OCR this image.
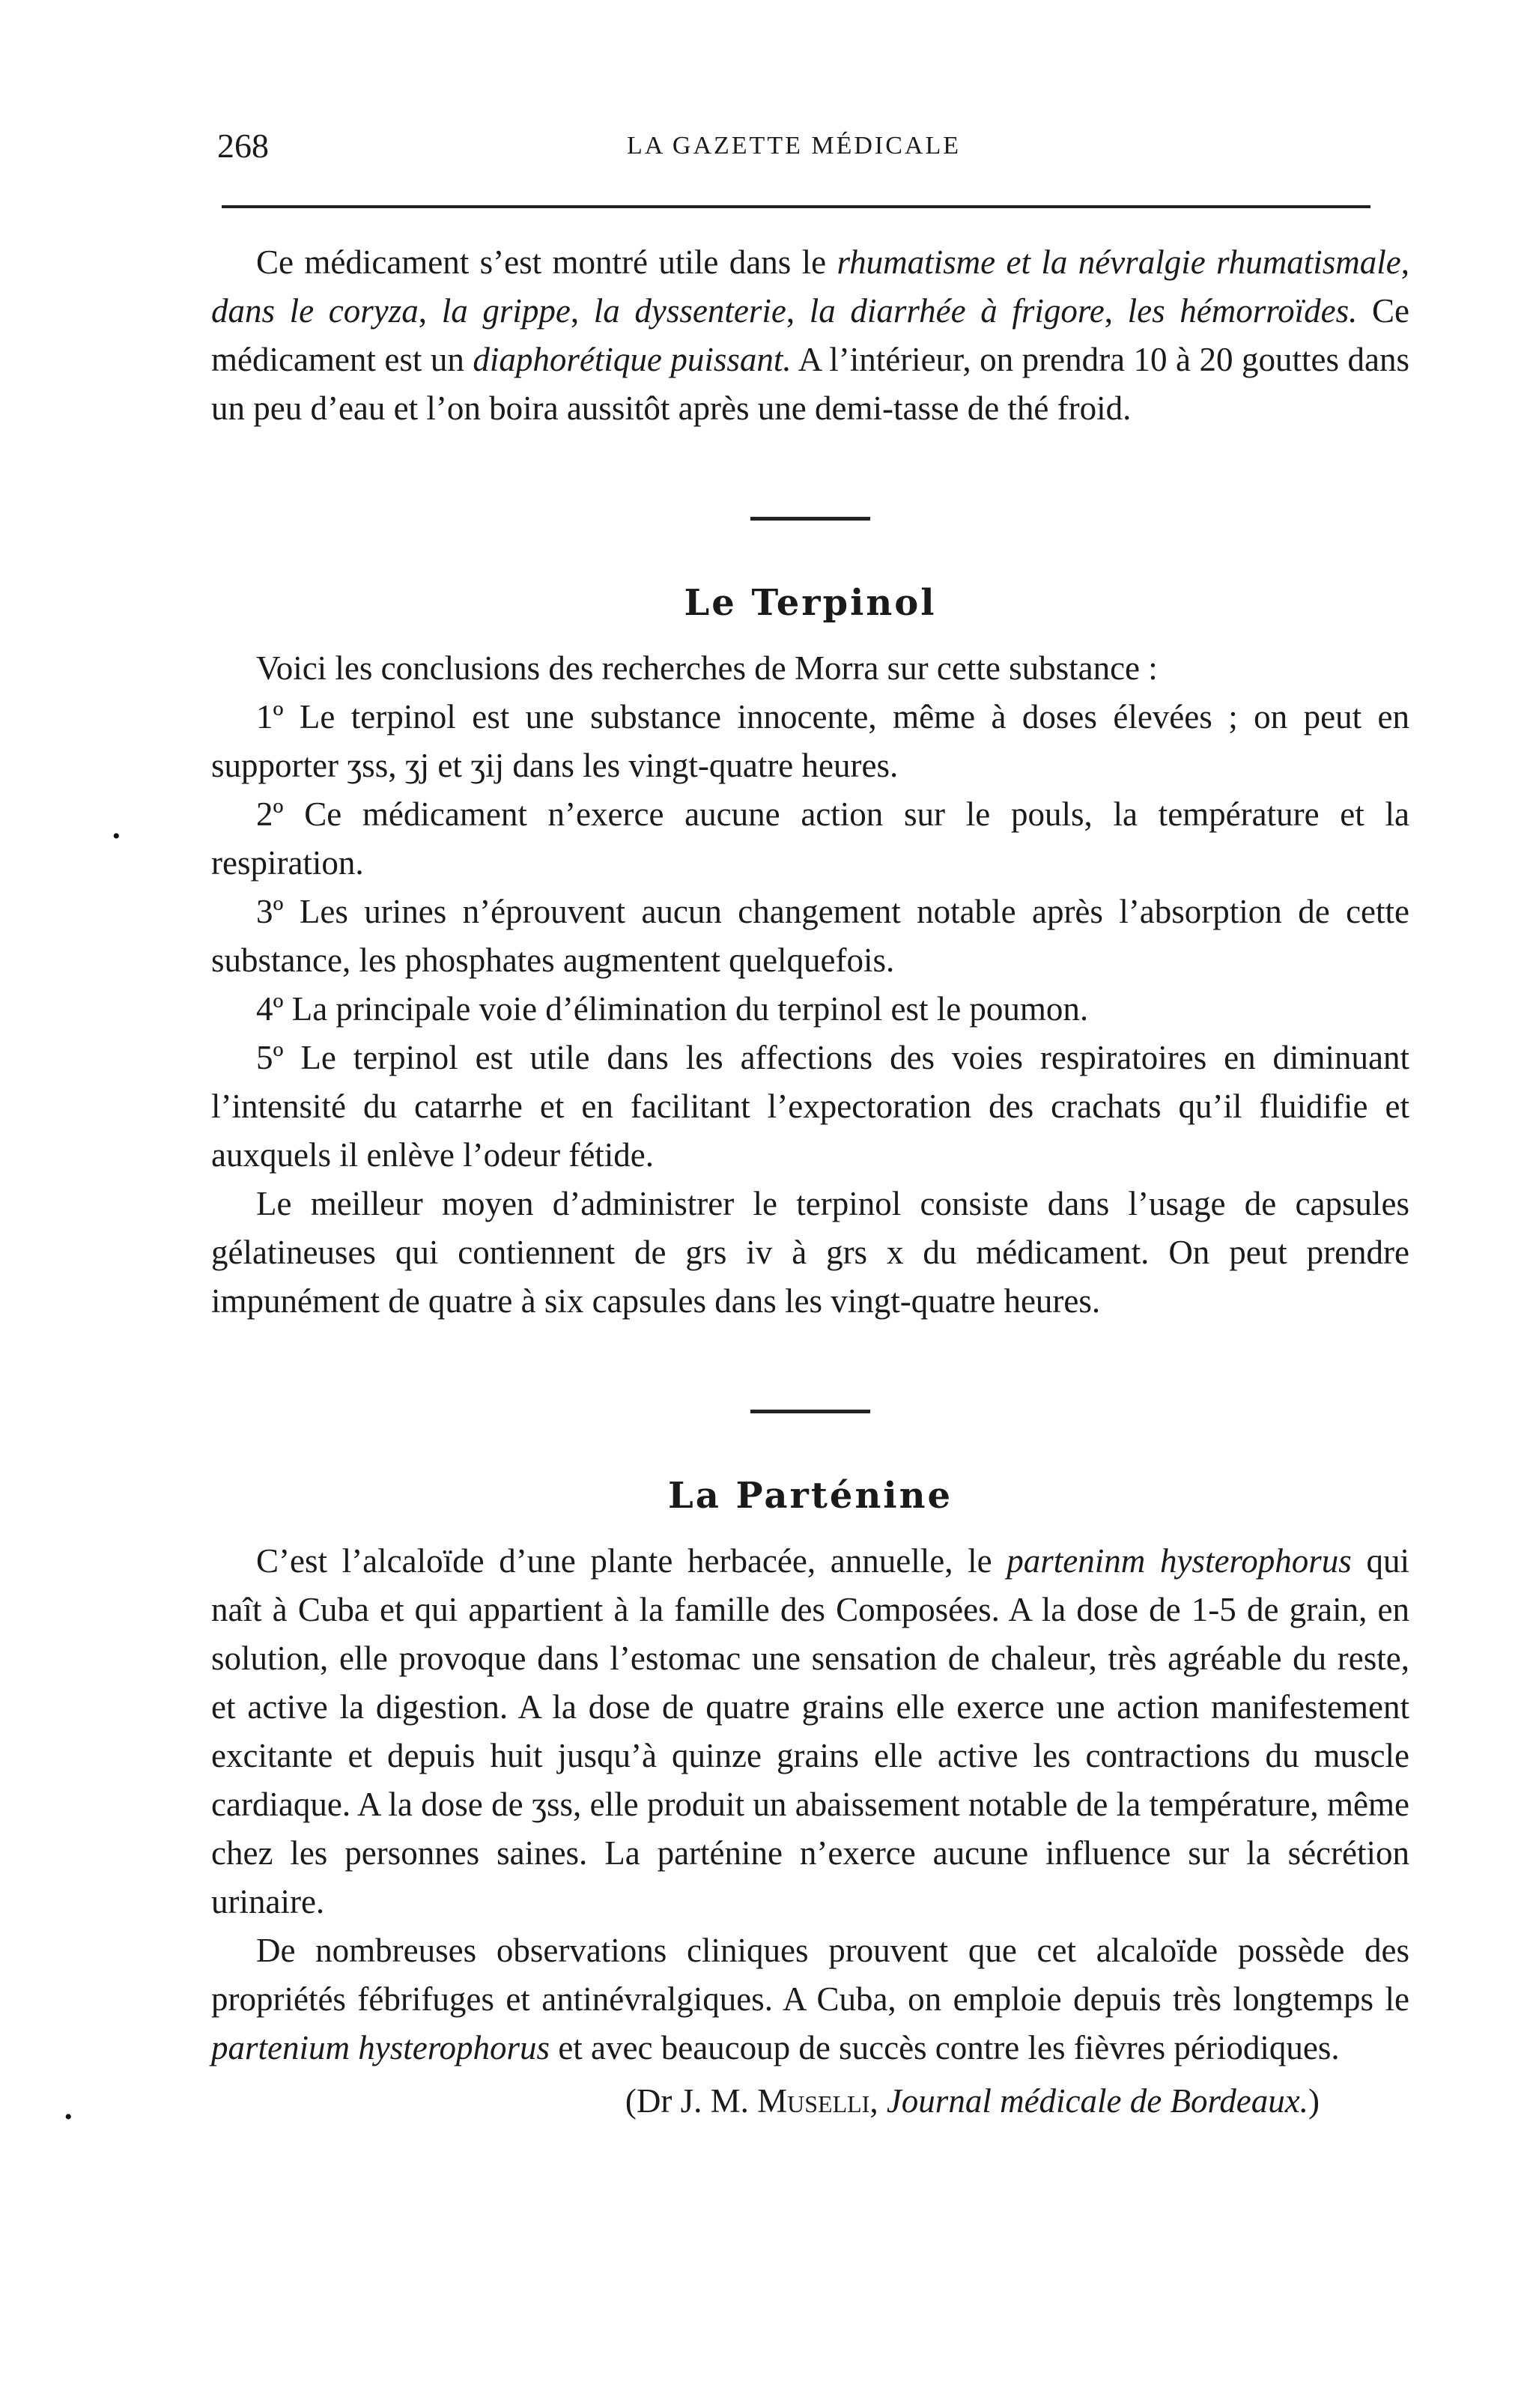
268	LA GAZETTE MÉDICALE

Ce médicament s’est montré utile dans le rhumatisme et la névralgie rhumatismale, dans le coryza, la grippe, la dyssenterie, la diarrhée à frigore, les hémorroïdes. Ce médicament est un diaphorétique puissant. A l’intérieur, on prendra 10 à 20 gouttes dans un peu d’eau et l’on boira aussitôt après une demi-tasse de thé froid.

Le Terpinol

Voici les conclusions des recherches de Morra sur cette substance :

1º Le terpinol est une substance innocente, même à doses élevées ; on peut en supporter ʒss, ʒj et ʒij dans les vingt-quatre heures.

2º Ce médicament n’exerce aucune action sur le pouls, la température et la respiration.

3º Les urines n’éprouvent aucun changement notable après l’absorption de cette substance, les phosphates augmentent quelquefois.

4º La principale voie d’élimination du terpinol est le poumon.

5º Le terpinol est utile dans les affections des voies respiratoires en diminuant l’intensité du catarrhe et en facilitant l’expectoration des crachats qu’il fluidifie et auxquels il enlève l’odeur fétide.

Le meilleur moyen d’administrer le terpinol consiste dans l’usage de capsules gélatineuses qui contiennent de grs iv à grs x du médicament. On peut prendre impunément de quatre à six capsules dans les vingt-quatre heures.

La Parténine

C’est l’alcaloïde d’une plante herbacée, annuelle, le parteninm hysterophorus qui naît à Cuba et qui appartient à la famille des Composées. A la dose de 1-5 de grain, en solution, elle provoque dans l’estomac une sensation de chaleur, très agréable du reste, et active la digestion. A la dose de quatre grains elle exerce une action manifestement excitante et depuis huit jusqu’à quinze grains elle active les contractions du muscle cardiaque. A la dose de ʒss, elle produit un abaissement notable de la température, même chez les personnes saines. La parténine n’exerce aucune influence sur la sécrétion urinaire.

De nombreuses observations cliniques prouvent que cet alcaloïde possède des propriétés fébrifuges et antinévralgiques. A Cuba, on emploie depuis très longtemps le partenium hysterophorus et avec beaucoup de succès contre les fièvres périodiques.

(Dr J. M. Muselli, Journal médicale de Bordeaux.)

•
•
